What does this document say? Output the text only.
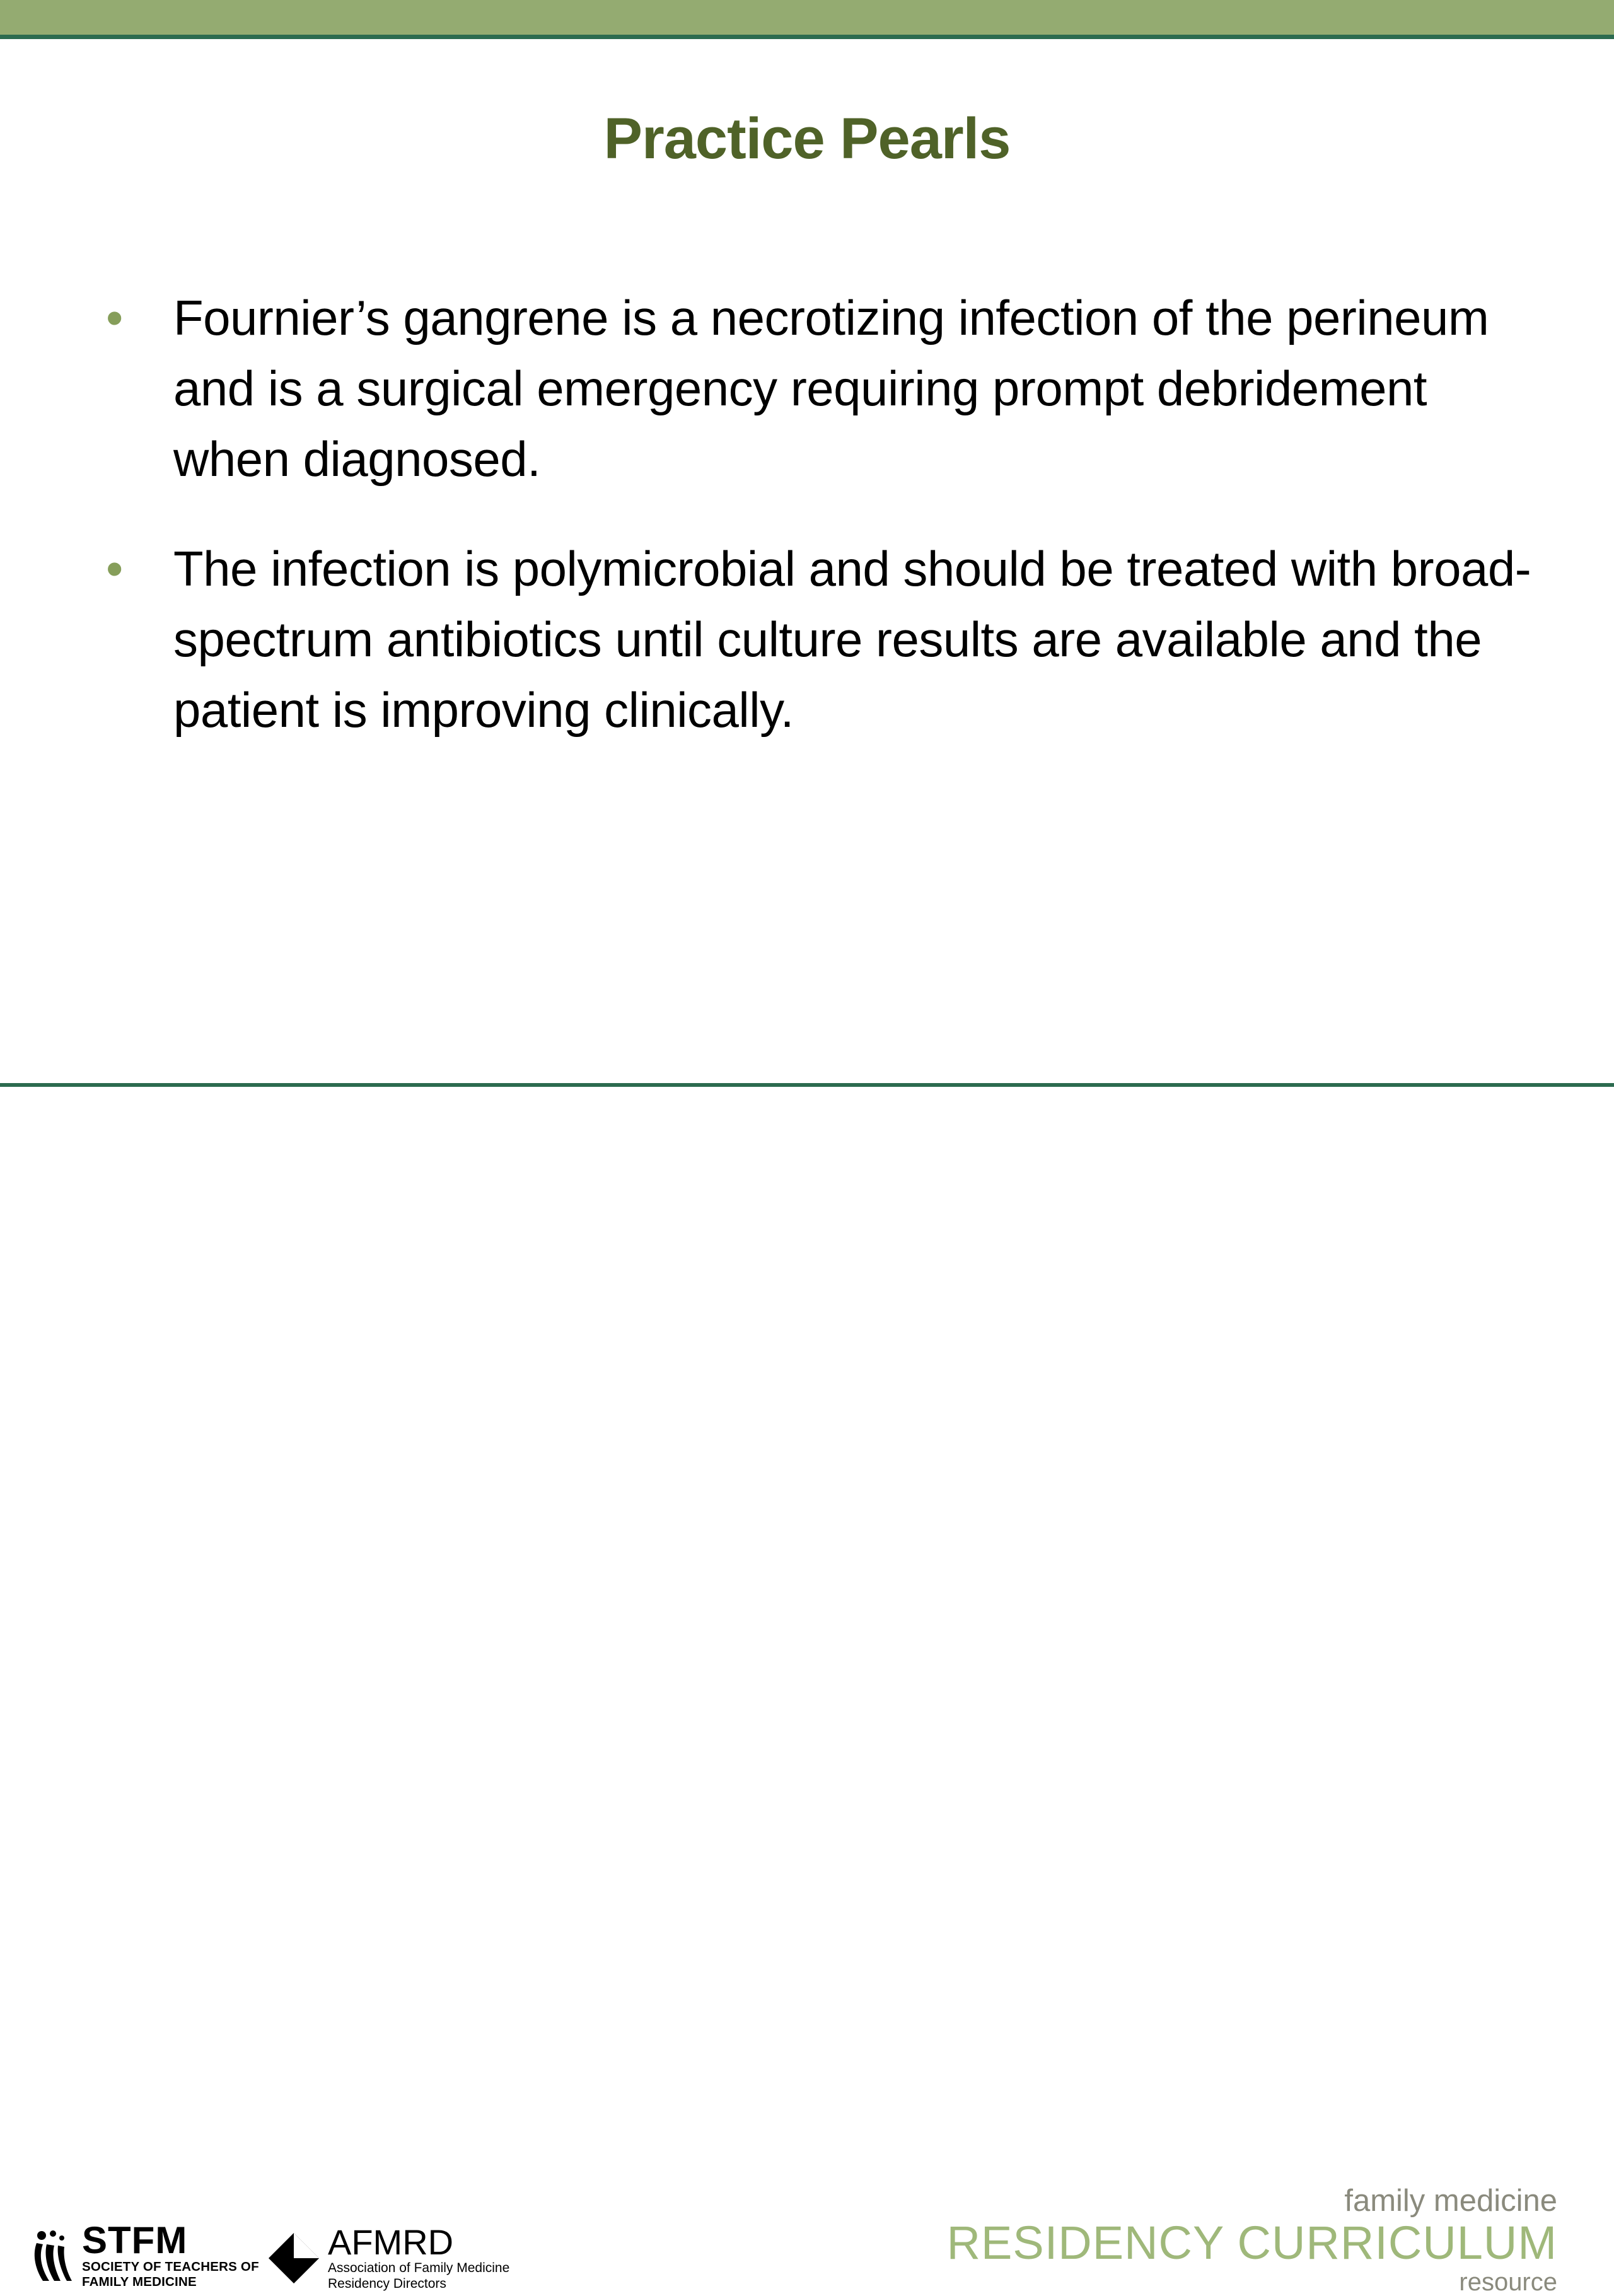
Practice Pearls
•	Fournier’s gangrene is a necrotizing infection of the perineum and is a surgical emergency requiring prompt debridement when diagnosed.
•	The infection is polymicrobial and should be treated with broad-spectrum antibiotics until culture results are available and the patient is improving clinically.
STFM
SOCIETY OF TEACHERS OF
FAMILY MEDICINE
AFMRD
Association of Family Medicine
Residency Directors
family medicine
RESIDENCY CURRICULUM
resource
